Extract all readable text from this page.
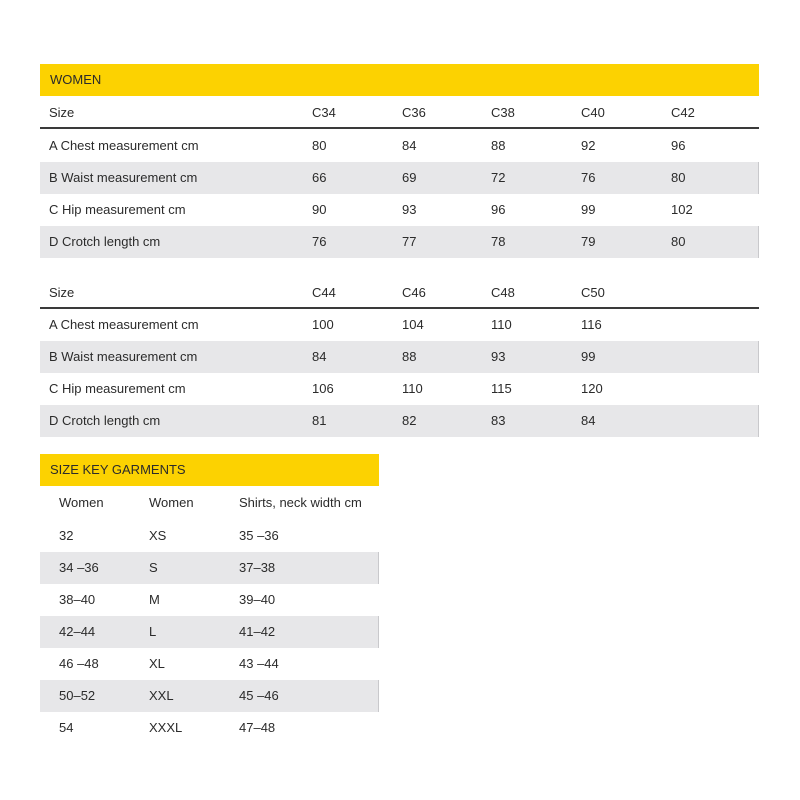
WOMEN
Size	C34	C36	C38	C40	C42
A Chest measurement cm	80	84	88	92	96
B Waist measurement cm	66	69	72	76	80
C Hip measurement cm	90	93	96	99	102
D Crotch length cm	76	77	78	79	80
Size	C44	C46	C48	C50
A Chest measurement cm	100	104	110	116
B Waist measurement cm	84	88	93	99
C Hip measurement cm	106	110	115	120
D Crotch length cm	81	82	83	84
SIZE KEY GARMENTS
Women	Women	Shirts, neck width cm
32	XS	35 –36
34 –36	S	37–38
38–40	M	39–40
42–44	L	41–42
46 –48	XL	43 –44
50–52	XXL	45 –46
54	XXXL	47–48
